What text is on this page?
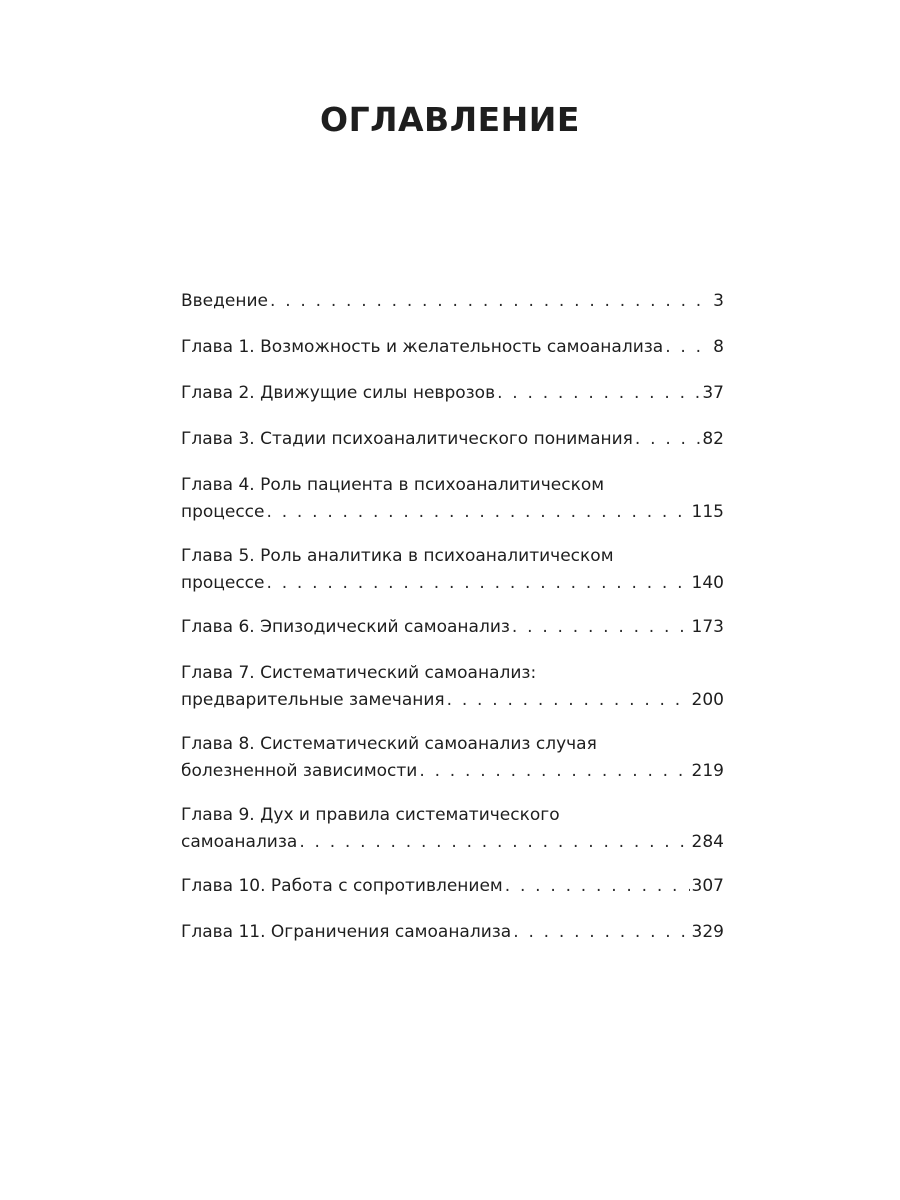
ОГЛАВЛЕНИЕ
Введение . . .	3
Глава 1. Возможность и желательность самоанализа . . .	8
Глава 2. Движущие силы неврозов . . .	37
Глава 3. Стадии психоаналитического понимания . . .	82
Глава 4. Роль пациента в психоаналитическом
процессе . . .	115
Глава 5. Роль аналитика в психоаналитическом
процессе . . .	140
Глава 6. Эпизодический самоанализ . . .	173
Глава 7. Систематический самоанализ:
предварительные замечания . . .	200
Глава 8. Систематический самоанализ случая
болезненной зависимости . . .	219
Глава 9. Дух и правила систематического
самоанализа . . .	284
Глава 10. Работа с сопротивлением . . .	307
Глава 11. Ограничения самоанализа . . .	329
